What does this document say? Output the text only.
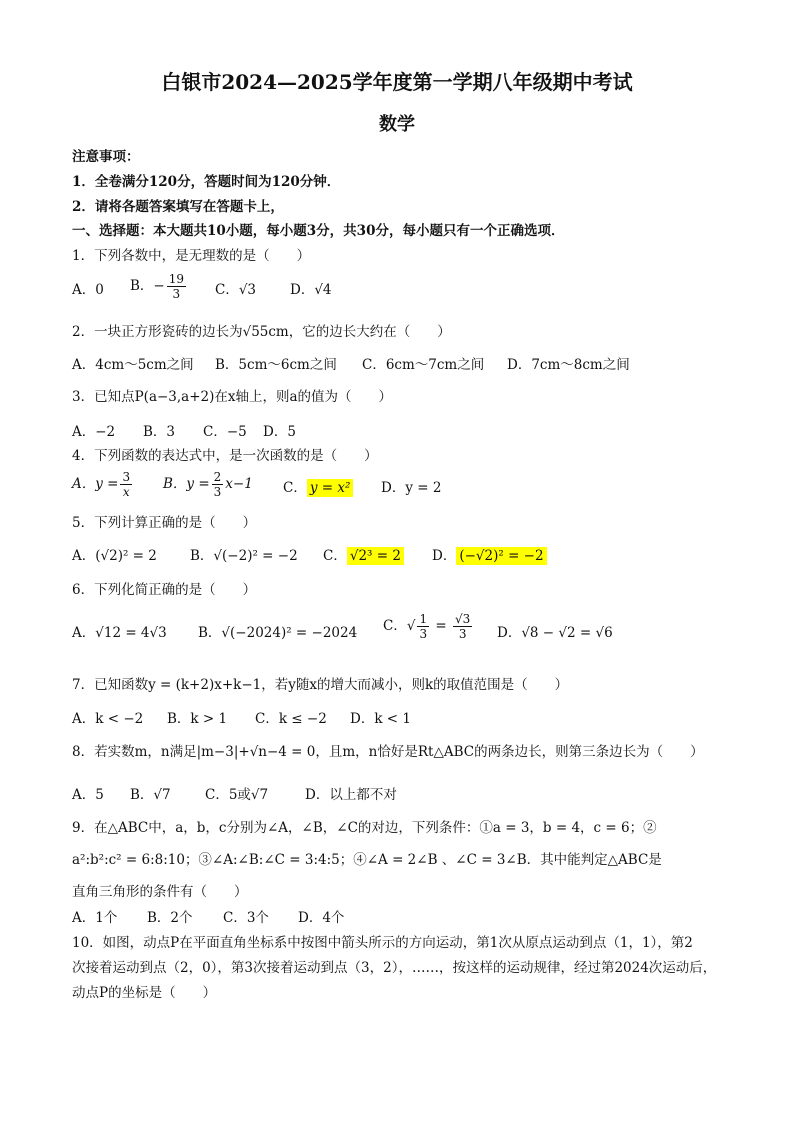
白银市2024—2025学年度第一学期八年级期中考试
数学
注意事项：
1．全卷满分120分，答题时间为120分钟．
2．请将各题答案填写在答题卡上，
一、选择题：本大题共10小题，每小题3分，共30分，每小题只有一个正确选项．
1．下列各数中，是无理数的是（　　）
A．0 B．− $\frac{19}{3}$ C．√3	D．√4
2．一块正方形瓷砖的边长为√55cm，它的边长大约在（　　）
A．4cm～5cm之间 B．5cm～6cm之间 C．6cm～7cm之间 D．7cm～8cm之间
3．已知点P(a−3,a+2)在x轴上，则a的值为（　　）
A．−2 B．3 C．−5 D．5
4．下列函数的表达式中，是一次函数的是（　　）
A．$y = \frac{3}{x}$ B．$y = \frac{2}{3} x-1$ C． y = x² D．y = 2
5．下列计算正确的是（　　）
A．(√2)² = 2 B．√(−2)² = −2 C． √2³ = 2 D． (−√2)² = −2
6．下列化简正确的是（　　）
A．√12 = 4√3 B．√(−2024)² = −2024 C．√ $\frac{1}{3} = \frac{√3}{3}$ D．√8 − √2 = √6
7．已知函数y = (k+2)x+k−1，若y随x的增大而减小，则k的取值范围是（　　）
A．k < −2 B．k > 1 C．k ≤ −2 D．k < 1
8．若实数m，n满足|m−3|+√n−4 = 0，且m，n恰好是Rt△ABC的两条边长，则第三条边长为（　　）
A．5 B．√7	C．5或√7	D．以上都不对
9．在△ABC中，a，b，c分别为∠A，∠B，∠C的对边，下列条件：①a = 3，b = 4，c = 6；②
a²:b²:c² = 6:8:10；③∠A:∠B:∠C = 3:4:5；④∠A = 2∠B 、∠C = 3∠B．其中能判定△ABC是
直角三角形的条件有（　　）
A．1个 B．2个 C．3个 D．4个
10．如图，动点P在平面直角坐标系中按图中箭头所示的方向运动，第1次从原点运动到点（1，1），第2
次接着运动到点（2，0），第3次接着运动到点（3，2），……，按这样的运动规律，经过第2024次运动后，
动点P的坐标是（　　）
